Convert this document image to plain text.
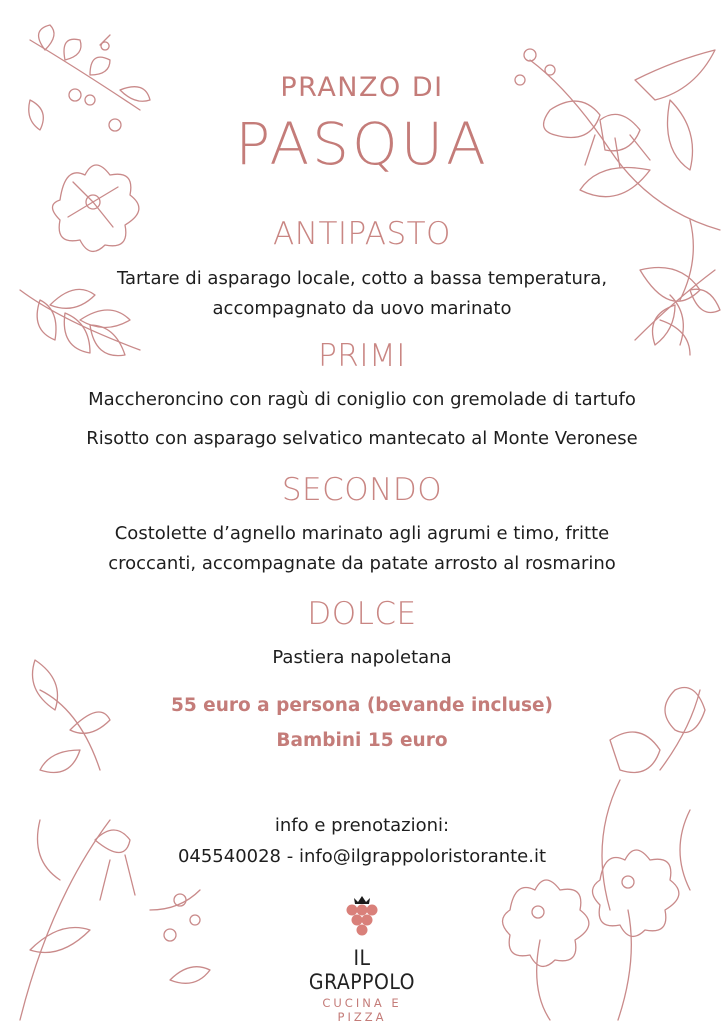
PRANZO DI
PASQUA
ANTIPASTO
Tartare di asparago locale, cotto a bassa temperatura,
accompagnato da uovo marinato
PRIMI
Maccheroncino con ragù di coniglio con gremolade di tartufo
Risotto con asparago selvatico mantecato al Monte Veronese
SECONDO
Costolette d’agnello marinato agli agrumi e timo, fritte
croccanti, accompagnate da patate arrosto al rosmarino
DOLCE
Pastiera napoletana
55 euro a persona (bevande incluse)
Bambini 15 euro
info e prenotazioni:
045540028 - info@ilgrappoloristorante.it
IL GRAPPOLO
CUCINA E PIZZA
